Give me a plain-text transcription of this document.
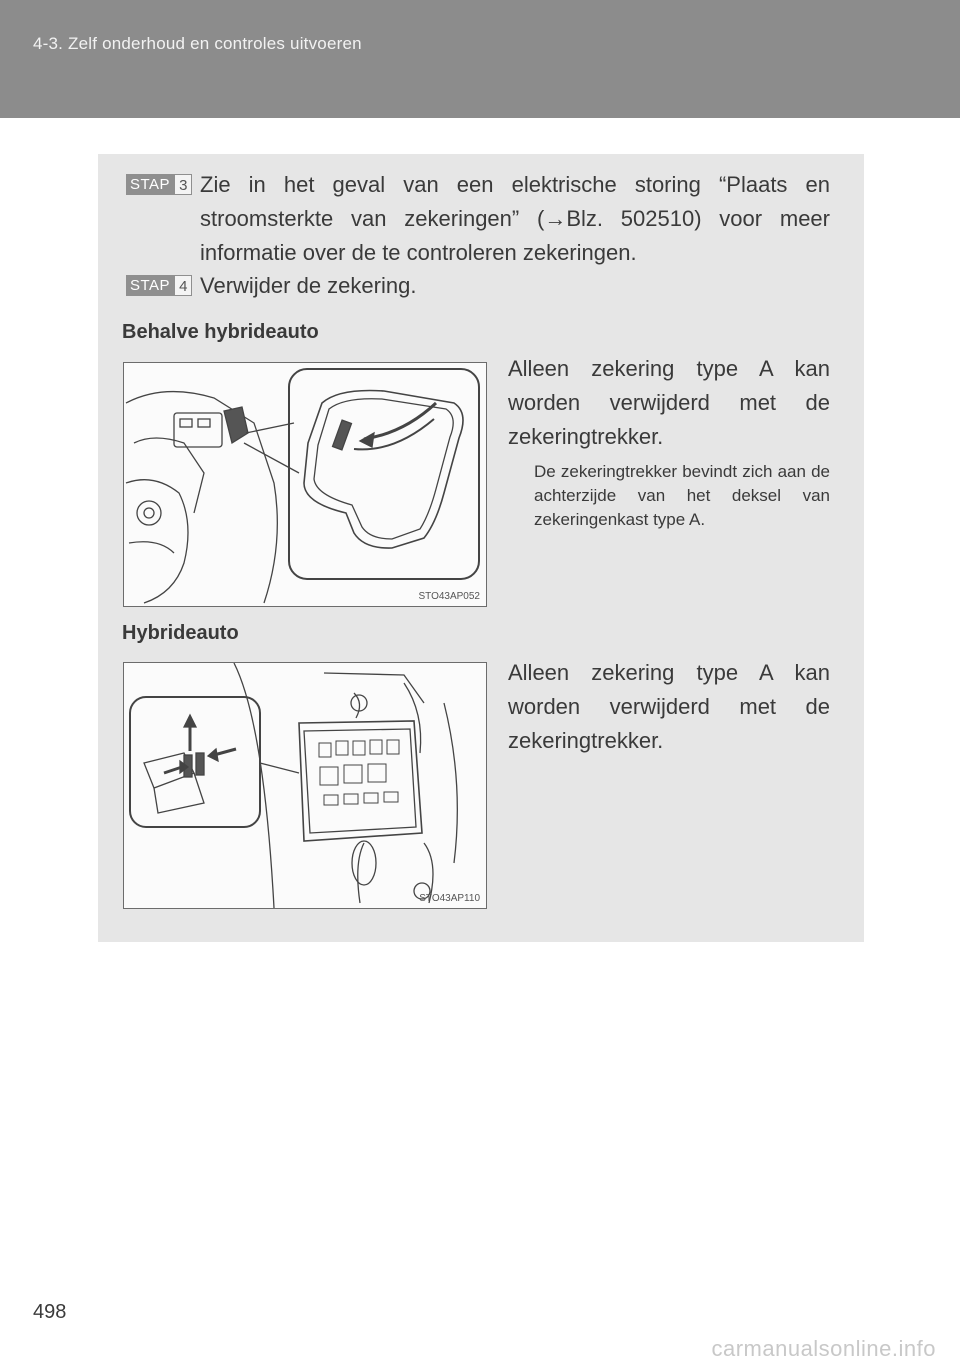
4-3. Zelf onderhoud en controles uitvoeren
STAP 3 Zie in het geval van een elektrische storing “Plaats en stroomsterkte van zekeringen” (→Blz. 502510) voor meer informatie over de te controleren zekeringen.
STAP 4 Verwijder de zekering.
Behalve hybrideauto
STO43AP052
Alleen zekering type A kan worden verwijderd met de zekeringtrekker.
De zekeringtrekker bevindt zich aan de achterzijde van het deksel van zekeringenkast type A.
Hybrideauto
STO43AP110
Alleen zekering type A kan worden verwijderd met de zekeringtrekker.
498
carmanualsonline.info
